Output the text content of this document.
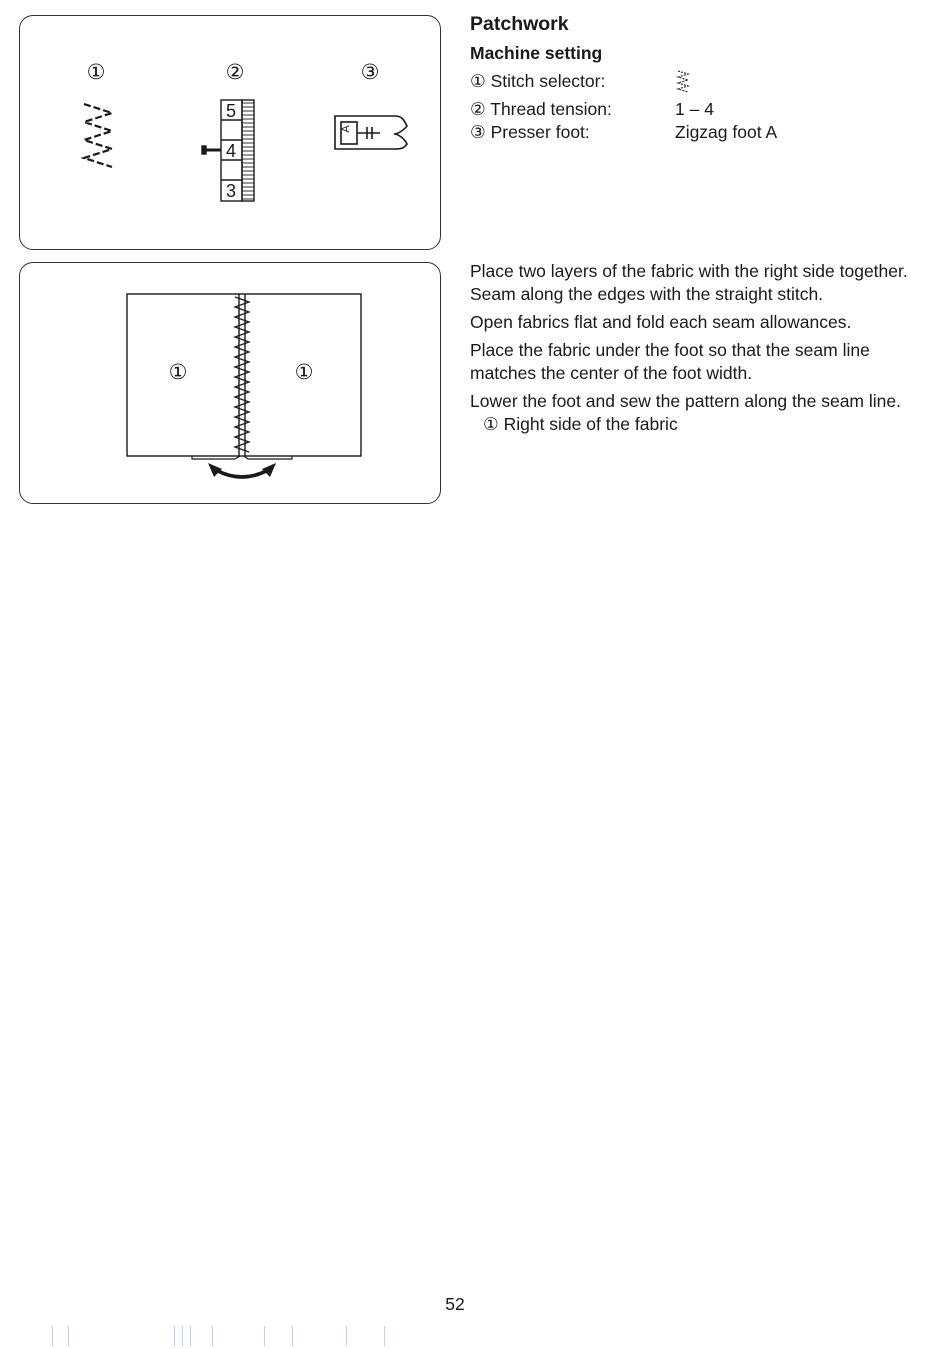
①	②	③
5
4
3
A
①	①
Patchwork
Machine setting
① Stitch selector:
② Thread tension:	1 – 4
③ Presser foot:	Zigzag foot A

Place two layers of the fabric with the right side together. Seam along the edges with the straight stitch.

Open fabrics flat and fold each seam allowances.

Place the fabric under the foot so that the seam line matches the center of the foot width.

Lower the foot and sew the pattern along the seam line.

① Right side of the fabric

52
